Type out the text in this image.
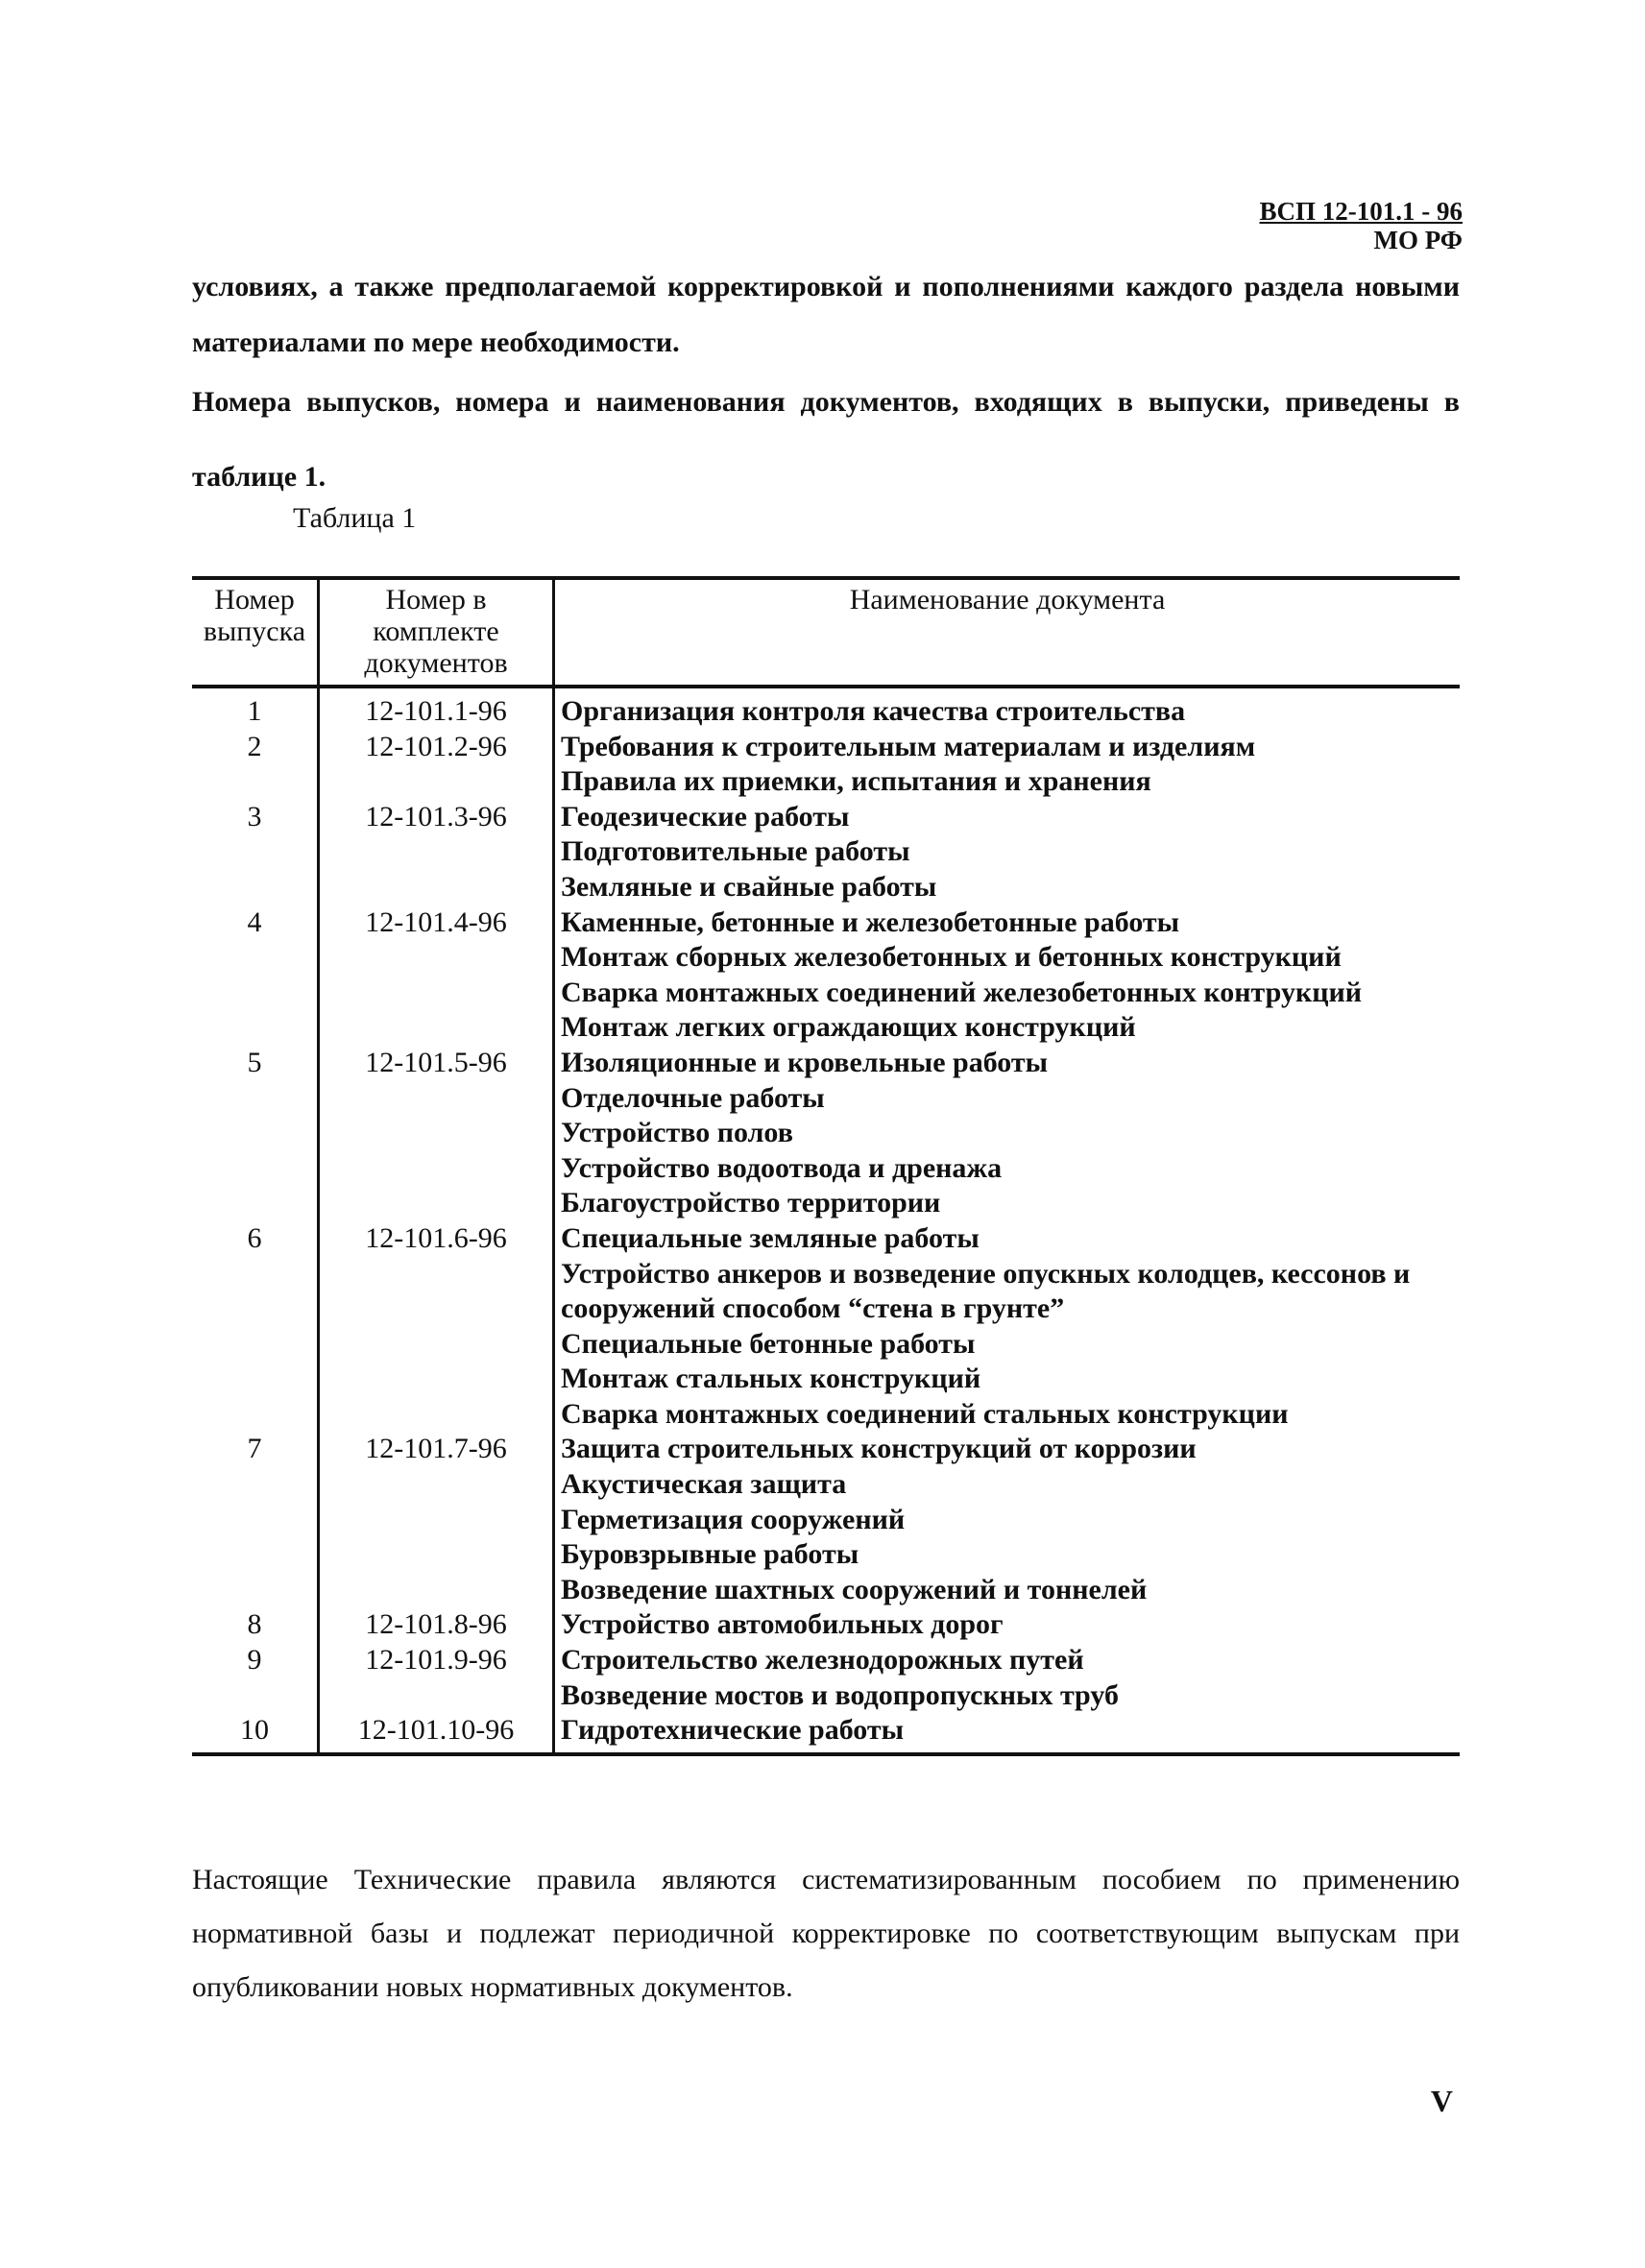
ВСП 12-101.1 - 96
МО РФ
условиях, а также предполагаемой корректировкой и пополнениями каждого раздела новыми материалами по мере необходимости.
Номера выпусков, номера и наименования документов, входящих в выпуски, приведены в таблице 1.
Таблица 1
Номер выпуска	Номер в комплекте документов	Наименование документа
1	12-101.1-96	Организация контроля качества строительства
2	12-101.2-96	Требования к строительным материалам и изделиям
		Правила их приемки, испытания и хранения
3	12-101.3-96	Геодезические работы
		Подготовительные работы
		Земляные и свайные работы
4	12-101.4-96	Каменные, бетонные и железобетонные работы
		Монтаж сборных железобетонных и бетонных конструкций
		Сварка монтажных соединений железобетонных контрукций
		Монтаж легких ограждающих конструкций
5	12-101.5-96	Изоляционные и кровельные работы
		Отделочные работы
		Устройство полов
		Устройство водоотвода и дренажа
		Благоустройство территории
6	12-101.6-96	Специальные земляные работы
		Устройство анкеров и возведение опускных колодцев, кессонов и сооружений способом “стена в грунте”
		Специальные бетонные работы
		Монтаж стальных конструкций
		Сварка монтажных соединений стальных конструкции
7	12-101.7-96	Защита строительных конструкций от коррозии
		Акустическая защита
		Герметизация сооружений
		Буровзрывные работы
		Возведение шахтных сооружений и тоннелей
8	12-101.8-96	Устройство автомобильных дорог
9	12-101.9-96	Строительство железнодорожных путей
		Возведение мостов и водопропускных труб
10	12-101.10-96	Гидротехнические работы
Настоящие Технические правила являются систематизированным пособием по применению нормативной базы и подлежат периодичной корректировке по соответствующим выпускам при опубликовании новых нормативных документов.
V
